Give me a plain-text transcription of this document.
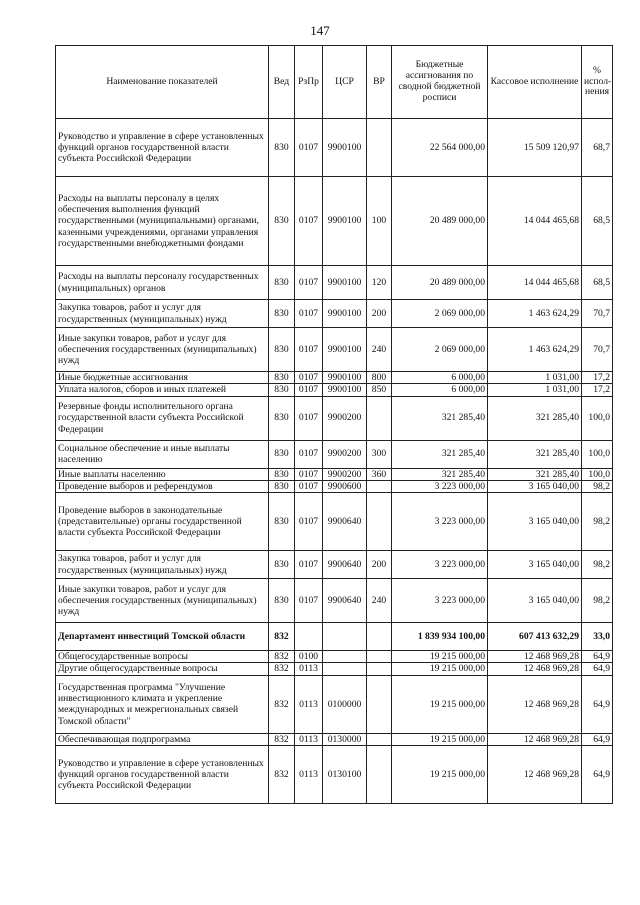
147
Наименование показателей	Вед	РзПр	ЦСР	ВР	Бюджетные ассигнования по сводной бюджетной росписи	Кассовое исполнение	% испол-нения
Руководство и управление в сфере установленных функций органов государственной власти субъекта Российской Федерации	830	0107	9900100		22 564 000,00	15 509 120,97	68,7
Расходы на выплаты персоналу в целях обеспечения выполнения функций государственными (муниципальными) органами, казенными учреждениями, органами управления государственными внебюджетными фондами	830	0107	9900100	100	20 489 000,00	14 044 465,68	68,5
Расходы на выплаты персоналу государственных (муниципальных) органов	830	0107	9900100	120	20 489 000,00	14 044 465,68	68,5
Закупка товаров, работ и услуг для государственных (муниципальных) нужд	830	0107	9900100	200	2 069 000,00	1 463 624,29	70,7
Иные закупки товаров, работ и услуг для обеспечения государственных (муниципальных) нужд	830	0107	9900100	240	2 069 000,00	1 463 624,29	70,7
Иные бюджетные ассигнования	830	0107	9900100	800	6 000,00	1 031,00	17,2
Уплата налогов, сборов и иных платежей	830	0107	9900100	850	6 000,00	1 031,00	17,2
Резервные фонды исполнительного органа государственной власти субъекта Российской Федерации	830	0107	9900200		321 285,40	321 285,40	100,0
Социальное обеспечение и иные выплаты населению	830	0107	9900200	300	321 285,40	321 285,40	100,0
Иные выплаты населению	830	0107	9900200	360	321 285,40	321 285,40	100,0
Проведение выборов и референдумов	830	0107	9900600		3 223 000,00	3 165 040,00	98,2
Проведение выборов в законодательные (представительные) органы государственной власти субъекта Российской Федерации	830	0107	9900640		3 223 000,00	3 165 040,00	98,2
Закупка товаров, работ и услуг для государственных (муниципальных) нужд	830	0107	9900640	200	3 223 000,00	3 165 040,00	98,2
Иные закупки товаров, работ и услуг для обеспечения государственных (муниципальных) нужд	830	0107	9900640	240	3 223 000,00	3 165 040,00	98,2
Департамент инвестиций Томской области	832				1 839 934 100,00	607 413 632,29	33,0
Общегосударственные вопросы	832	0100			19 215 000,00	12 468 969,28	64,9
Другие общегосударственные вопросы	832	0113			19 215 000,00	12 468 969,28	64,9
Государственная программа "Улучшение инвестиционного климата и укрепление международных и межрегиональных связей Томской области"	832	0113	0100000		19 215 000,00	12 468 969,28	64,9
Обеспечивающая подпрограмма	832	0113	0130000		19 215 000,00	12 468 969,28	64,9
Руководство и управление в сфере установленных функций органов государственной власти субъекта Российской Федерации	832	0113	0130100		19 215 000,00	12 468 969,28	64,9
